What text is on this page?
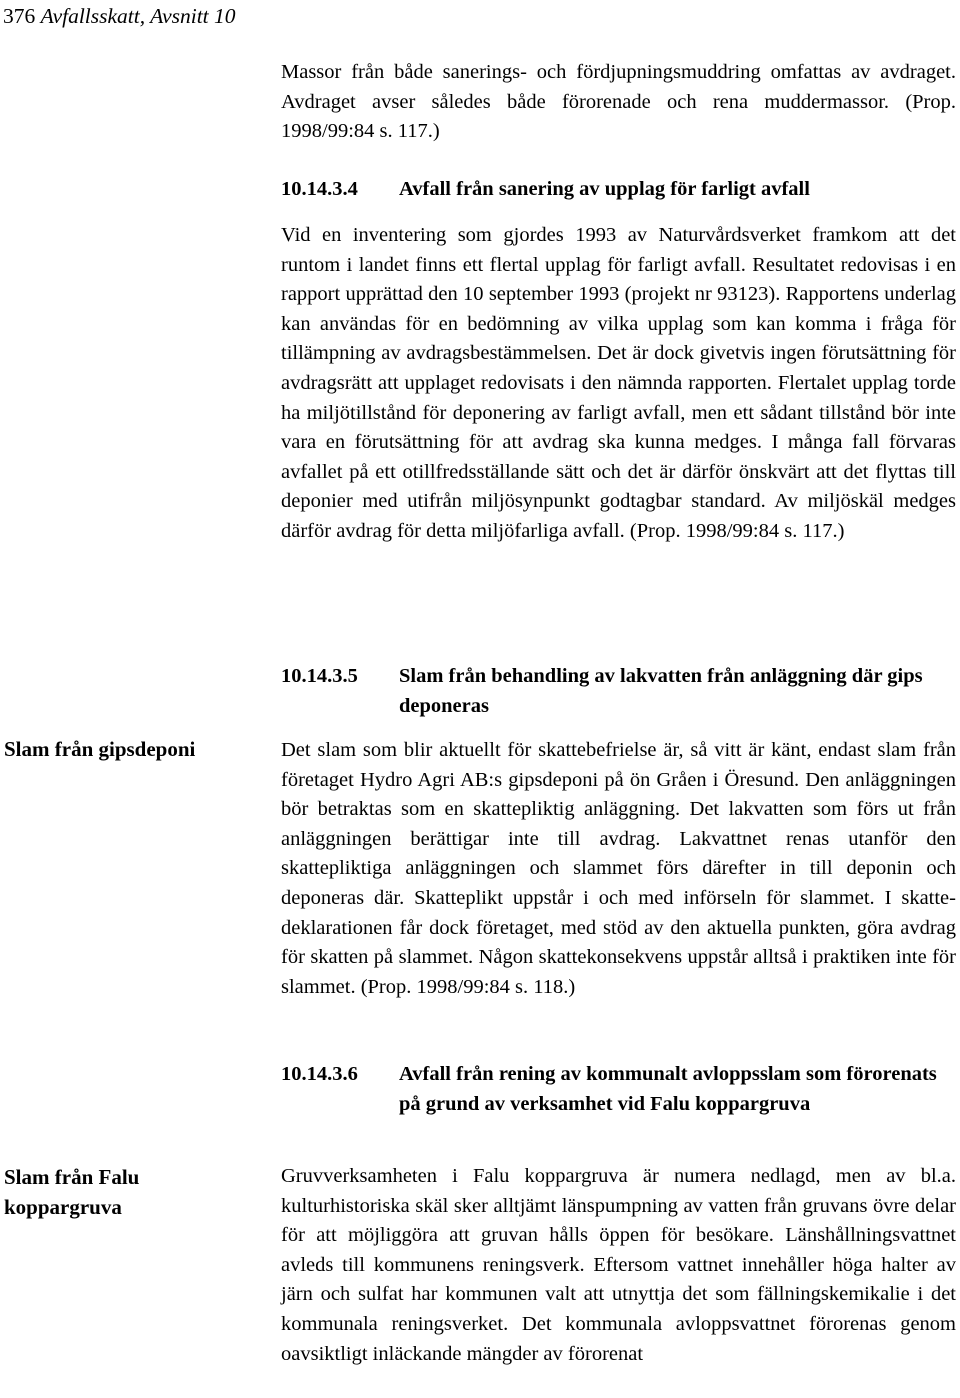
376 Avfallsskatt, Avsnitt 10

Massor från både sanerings- och fördjupningsmuddring omfattas av avdraget. Avdraget avser således både förorenade och rena muddermassor. (Prop. 1998/99:84 s. 117.)

10.14.3.4 Avfall från sanering av upplag för farligt avfall

Vid en inventering som gjordes 1993 av Naturvårdsverket framkom att det runtom i landet finns ett flertal upplag för farligt avfall. Resultatet redovisas i en rapport upprättad den 10 september 1993 (projekt nr 93123). Rapportens underlag kan användas för en bedömning av vilka upplag som kan komma i fråga för tillämpning av avdragsbestämmelsen. Det är dock givetvis ingen förutsättning för avdragsrätt att upplaget redovisats i den nämnda rapporten. Flertalet upplag torde ha miljötillstånd för deponering av farligt avfall, men ett sådant tillstånd bör inte vara en förutsättning för att avdrag ska kunna medges. I många fall förvaras avfallet på ett otillfredsställande sätt och det är därför önskvärt att det flyttas till deponier med utifrån miljösynpunkt godtagbar standard. Av miljöskäl medges därför avdrag för detta miljöfarliga avfall. (Prop. 1998/99:84 s. 117.)

10.14.3.5 Slam från behandling av lakvatten från anläggning där gips deponeras

Det slam som blir aktuellt för skattebefrielse är, så vitt är känt, endast slam från företaget Hydro Agri AB:s gipsdeponi på ön Gråen i Öresund. Den anläggningen bör betraktas som en skattepliktig anläggning. Det lakvatten som förs ut från anläggningen berättigar inte till avdrag. Lakvattnet renas utanför den skattepliktiga anläggningen och slammet förs därefter in till deponin och deponeras där. Skatteplikt uppstår i och med införseln för slammet. I skattedeklarationen får dock företaget, med stöd av den aktuella punkten, göra avdrag för skatten på slammet. Någon skattekonsekvens uppstår alltså i praktiken inte för slammet. (Prop. 1998/99:84 s. 118.)

10.14.3.6 Avfall från rening av kommunalt avloppsslam som förorenats på grund av verksamhet vid Falu koppargruva

Gruvverksamheten i Falu koppargruva är numera nedlagd, men av bl.a. kulturhistoriska skäl sker alltjämt länspumpning av vatten från gruvans övre delar för att möjliggöra att gruvan hålls öppen för besökare. Länshållningsvattnet avleds till kommunens reningsverk. Eftersom vattnet innehåller höga halter av järn och sulfat har kommunen valt att utnyttja det som fällningskemikalie i det kommunala reningsverket. Det kommunala avloppsvattnet förorenas genom oavsiktligt inläckande mängder av förorenat

Slam från gipsdeponi

Slam från Falu koppargruva
